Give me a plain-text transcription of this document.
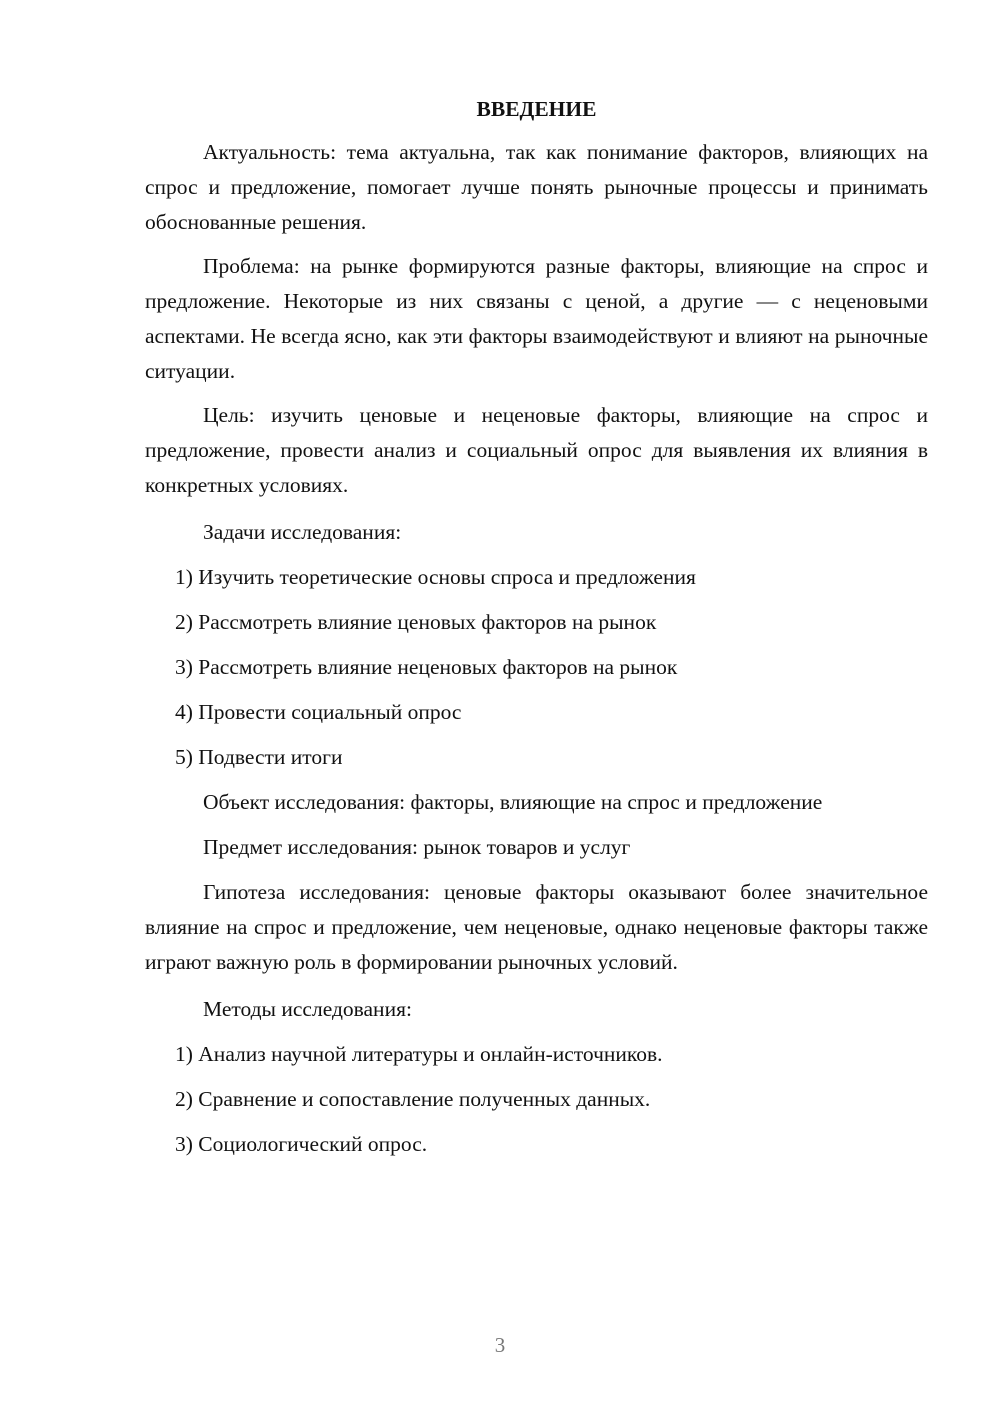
ВВЕДЕНИЕ

Актуальность: тема актуальна, так как понимание факторов, влияющих на спрос и предложение, помогает лучше понять рыночные процессы и принимать обоснованные решения.

Проблема: на рынке формируются разные факторы, влияющие на спрос и предложение. Некоторые из них связаны с ценой, а другие — с неценовыми аспектами. Не всегда ясно, как эти факторы взаимодействуют и влияют на рыночные ситуации.

Цель: изучить ценовые и неценовые факторы, влияющие на спрос и предложение, провести анализ и социальный опрос для выявления их влияния в конкретных условиях.

Задачи исследования:
1) Изучить теоретические основы спроса и предложения
2) Рассмотреть влияние ценовых факторов на рынок
3) Рассмотреть влияние неценовых факторов на рынок
4) Провести социальный опрос
5) Подвести итоги
Объект исследования: факторы, влияющие на спрос и предложение
Предмет исследования: рынок товаров и услуг

Гипотеза исследования: ценовые факторы оказывают более значительное влияние на спрос и предложение, чем неценовые, однако неценовые факторы также играют важную роль в формировании рыночных условий.

Методы исследования:
1) Анализ научной литературы и онлайн-источников.
2) Сравнение и сопоставление полученных данных.
3) Социологический опрос.
3
